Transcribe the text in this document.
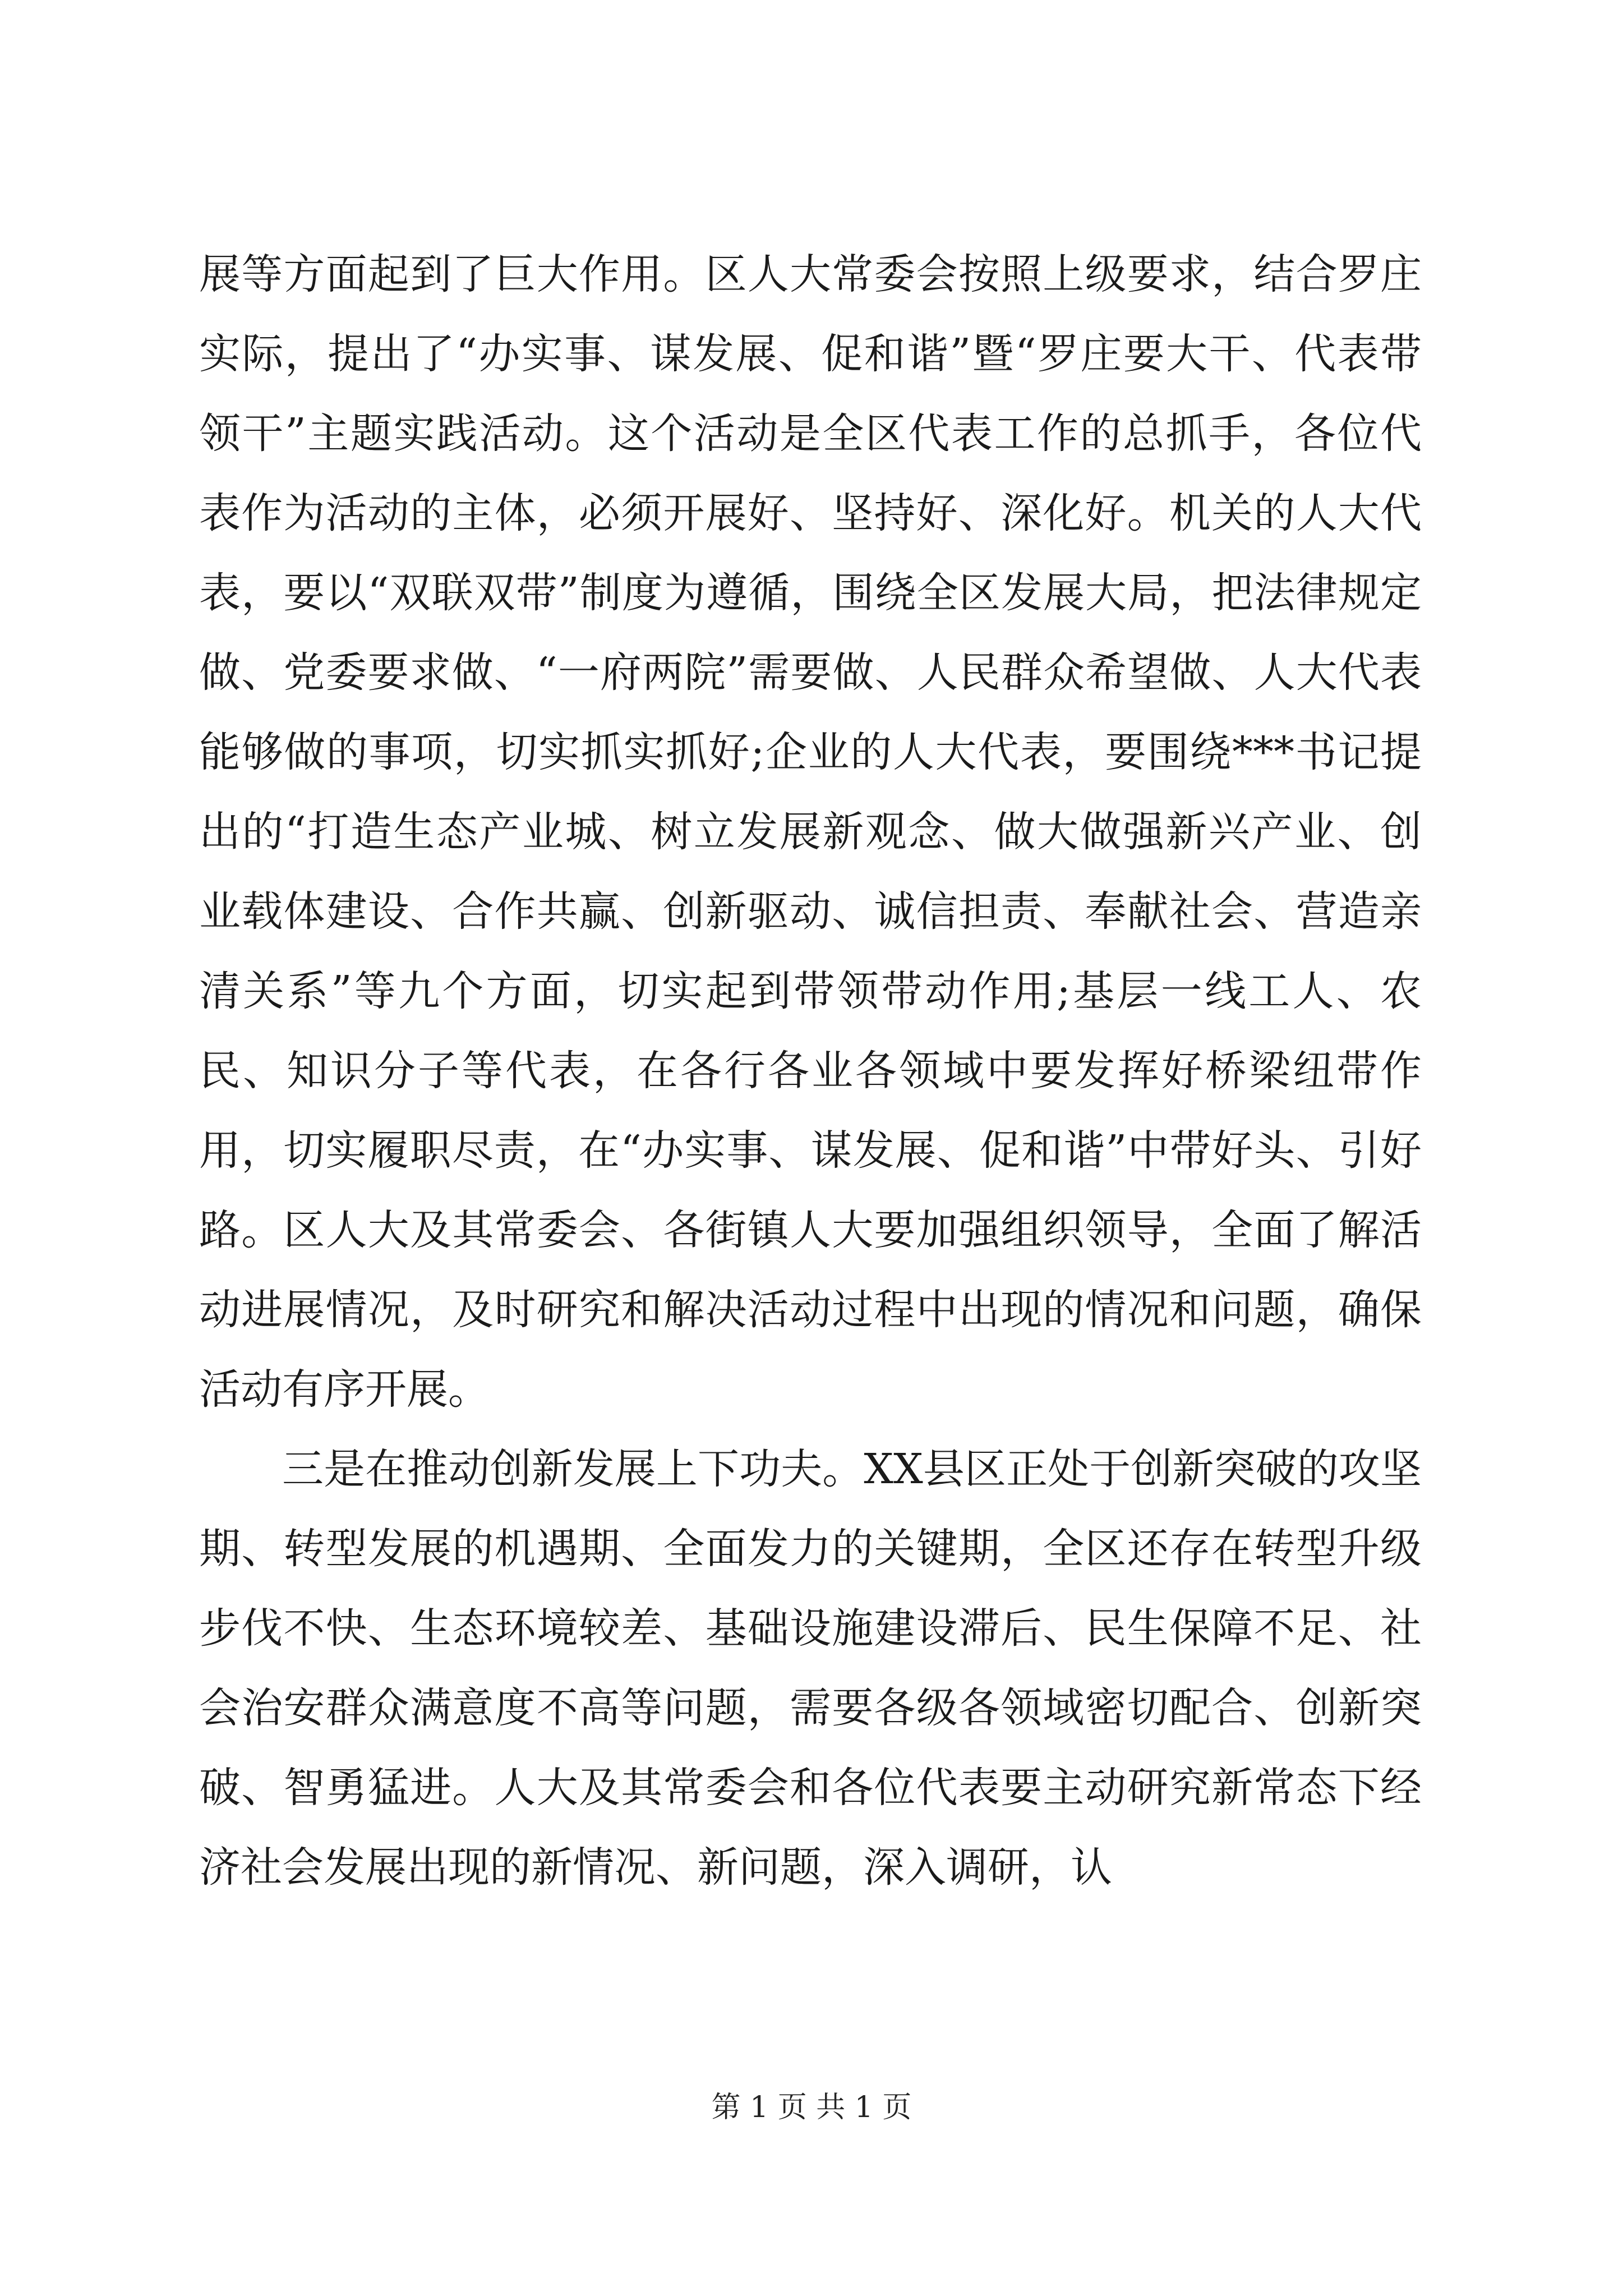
展等方面起到了巨大作用。区人大常委会按照上级要求，结合罗庄实际，提出了“办实事、谋发展、促和谐”暨“罗庄要大干、代表带领干”主题实践活动。这个活动是全区代表工作的总抓手，各位代表作为活动的主体，必须开展好、坚持好、深化好。机关的人大代表，要以“双联双带”制度为遵循，围绕全区发展大局，把法律规定做、党委要求做、“一府两院”需要做、人民群众希望做、人大代表能够做的事项，切实抓实抓好;企业的人大代表，要围绕***书记提出的“打造生态产业城、树立发展新观念、做大做强新兴产业、创业载体建设、合作共赢、创新驱动、诚信担责、奉献社会、营造亲清关系”等九个方面，切实起到带领带动作用;基层一线工人、农民、知识分子等代表，在各行各业各领域中要发挥好桥梁纽带作用，切实履职尽责，在“办实事、谋发展、促和谐”中带好头、引好路。区人大及其常委会、各街镇人大要加强组织领导，全面了解活动进展情况，及时研究和解决活动过程中出现的情况和问题，确保活动有序开展。

三是在推动创新发展上下功夫。XX县区正处于创新突破的攻坚期、转型发展的机遇期、全面发力的关键期，全区还存在转型升级步伐不快、生态环境较差、基础设施建设滞后、民生保障不足、社会治安群众满意度不高等问题，需要各级各领域密切配合、创新突破、智勇猛进。人大及其常委会和各位代表要主动研究新常态下经济社会发展出现的新情况、新问题，深入调研，认

第 1 页 共 1 页
